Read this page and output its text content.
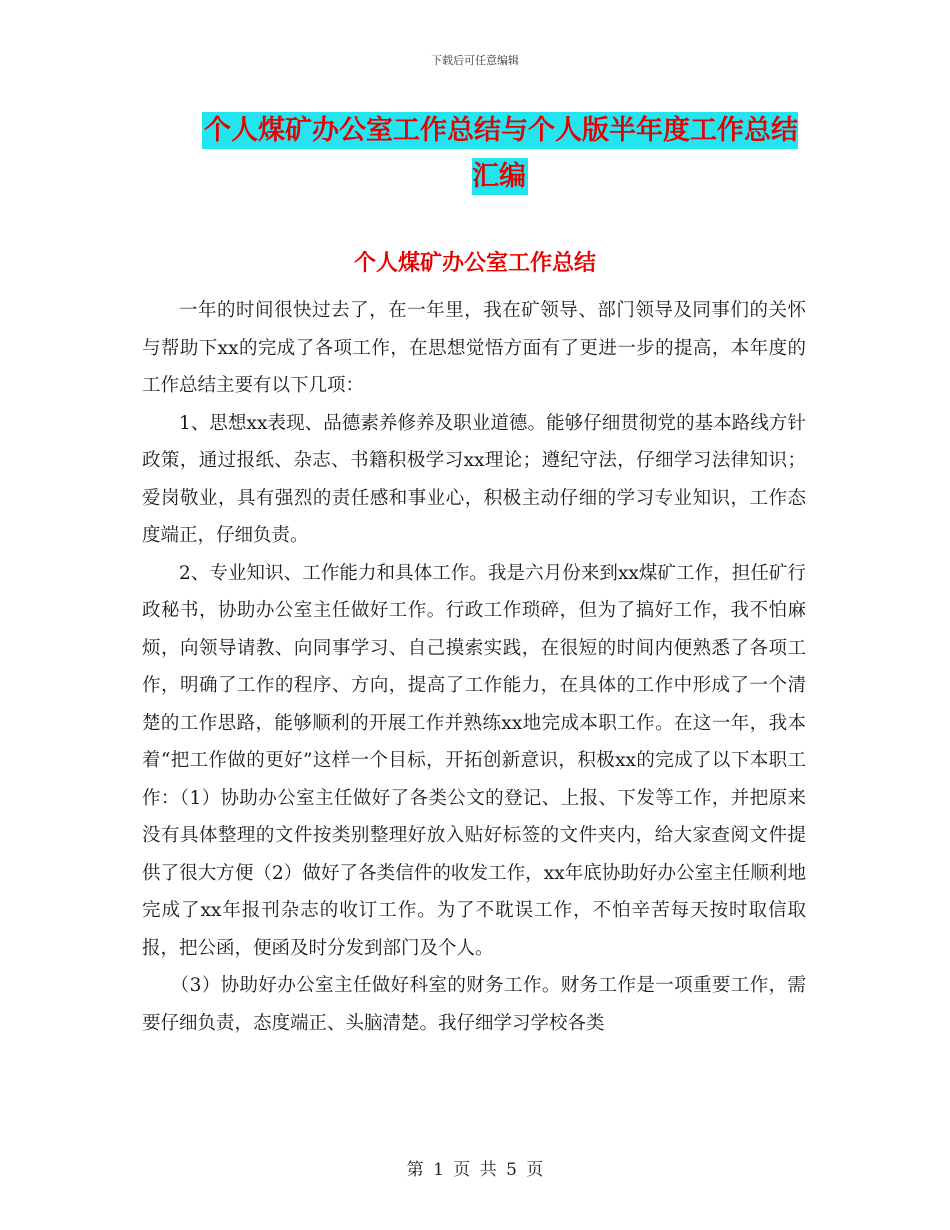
下载后可任意编辑
个人煤矿办公室工作总结与个人版半年度工作总结汇编
个人煤矿办公室工作总结

一年的时间很快过去了，在一年里，我在矿领导、部门领导及同事们的关怀与帮助下xx的完成了各项工作，在思想觉悟方面有了更进一步的提高，本年度的工作总结主要有以下几项：

1、思想xx表现、品德素养修养及职业道德。能够仔细贯彻党的基本路线方针政策，通过报纸、杂志、书籍积极学习xx理论；遵纪守法，仔细学习法律知识；爱岗敬业，具有强烈的责任感和事业心，积极主动仔细的学习专业知识，工作态度端正，仔细负责。

2、专业知识、工作能力和具体工作。我是六月份来到xx煤矿工作，担任矿行政秘书，协助办公室主任做好工作。行政工作琐碎，但为了搞好工作，我不怕麻烦，向领导请教、向同事学习、自己摸索实践，在很短的时间内便熟悉了各项工作，明确了工作的程序、方向，提高了工作能力，在具体的工作中形成了一个清楚的工作思路，能够顺利的开展工作并熟练xx地完成本职工作。在这一年，我本着“把工作做的更好”这样一个目标，开拓创新意识，积极xx的完成了以下本职工作：（1）协助办公室主任做好了各类公文的登记、上报、下发等工作，并把原来没有具体整理的文件按类别整理好放入贴好标签的文件夹内，给大家查阅文件提供了很大方便（2）做好了各类信件的收发工作，xx年底协助好办公室主任顺利地完成了xx年报刊杂志的收订工作。为了不耽误工作，不怕辛苦每天按时取信取报，把公函，便函及时分发到部门及个人。

（3）协助好办公室主任做好科室的财务工作。财务工作是一项重要工作，需要仔细负责，态度端正、头脑清楚。我仔细学习学校各类

第 1 页 共 5 页
